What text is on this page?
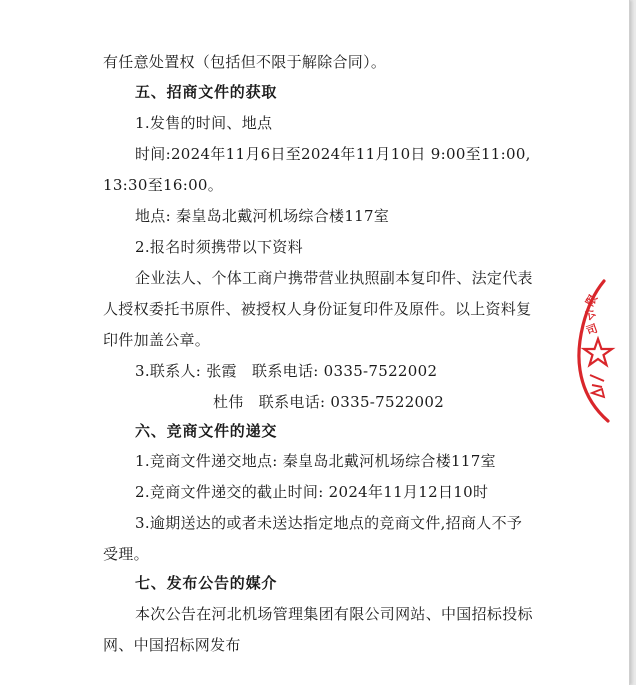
有任意处置权（包括但不限于解除合同）。
五、招商文件的获取
1.发售的时间、地点
时间:2024年11月6日至2024年11月10日 9:00至11:00,
13:30至16:00。
地点: 秦皇岛北戴河机场综合楼117室
2.报名时须携带以下资料
企业法人、个体工商户携带营业执照副本复印件、法定代表
人授权委托书原件、被授权人身份证复印件及原件。以上资料复
印件加盖公章。
3.联系人: 张霞   联系电话: 0335-7522002
杜伟   联系电话: 0335-7522002
六、竞商文件的递交
1.竞商文件递交地点: 秦皇岛北戴河机场综合楼117室
2.竞商文件递交的截止时间: 2024年11月12日10时
3.逾期送达的或者未送达指定地点的竞商文件,招商人不予
受理。
七、发布公告的媒介
本次公告在河北机场管理集团有限公司网站、中国招标投标
网、中国招标网发布
限
公
司
